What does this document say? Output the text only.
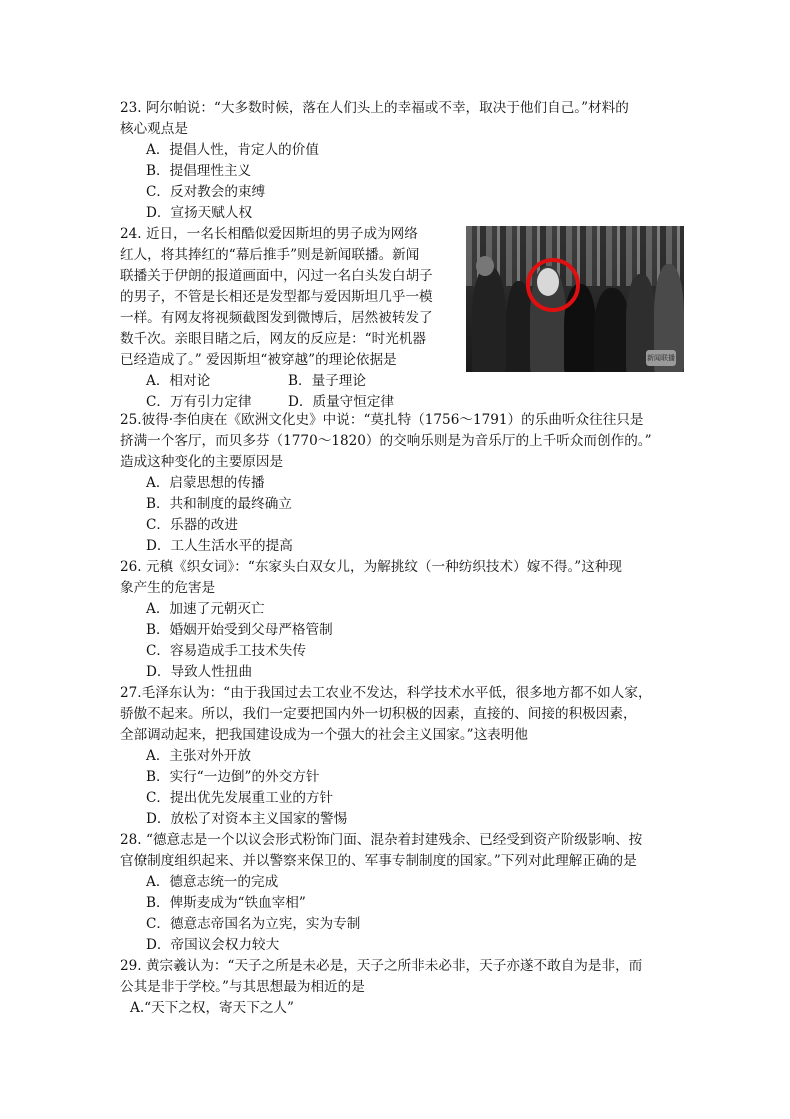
23. 阿尔帕说：“大多数时候，落在人们头上的幸福或不幸，取决于他们自己。”材料的
核心观点是
A．提倡人性，肯定人的价值
B．提倡理性主义
C．反对教会的束缚
D．宣扬天赋人权
24. 近日，一名长相酷似爱因斯坦的男子成为网络
红人，将其捧红的“幕后推手”则是新闻联播。新闻
联播关于伊朗的报道画面中，闪过一名白头发白胡子
的男子，不管是长相还是发型都与爱因斯坦几乎一模
一样。有网友将视频截图发到微博后，居然被转发了
数千次。亲眼目睹之后，网友的反应是：“时光机器
已经造成了。” 爱因斯坦“被穿越”的理论依据是
A．相对论	B．量子理论
C．万有引力定律	D．质量守恒定律
新闻联播
25.彼得·李伯庚在《欧洲文化史》中说：“莫扎特（1756～1791）的乐曲听众往往只是
挤满一个客厅，而贝多芬（1770～1820）的交响乐则是为音乐厅的上千听众而创作的。”
造成这种变化的主要原因是
A．启蒙思想的传播
B．共和制度的最终确立
C．乐器的改进
D．工人生活水平的提高
26. 元稹《织女词》：“东家头白双女儿，为解挑纹（一种纺织技术）嫁不得。”这种现
象产生的危害是
A．加速了元朝灭亡
B．婚姻开始受到父母严格管制
C．容易造成手工技术失传
D．导致人性扭曲
27.毛泽东认为：“由于我国过去工农业不发达，科学技术水平低，很多地方都不如人家，
骄傲不起来。所以，我们一定要把国内外一切积极的因素，直接的、间接的积极因素，
全部调动起来，把我国建设成为一个强大的社会主义国家。”这表明他
A．主张对外开放
B．实行“一边倒”的外交方针
C．提出优先发展重工业的方针
D．放松了对资本主义国家的警惕
28. “德意志是一个以议会形式粉饰门面、混杂着封建残余、已经受到资产阶级影响、按
官僚制度组织起来、并以警察来保卫的、军事专制制度的国家。”下列对此理解正确的是
A．德意志统一的完成
B．俾斯麦成为“铁血宰相”
C．德意志帝国名为立宪，实为专制
D．帝国议会权力较大
29. 黄宗羲认为：“天子之所是未必是，天子之所非未必非，天子亦遂不敢自为是非，而
公其是非于学校。”与其思想最为相近的是
A.“天下之权，寄天下之人”
